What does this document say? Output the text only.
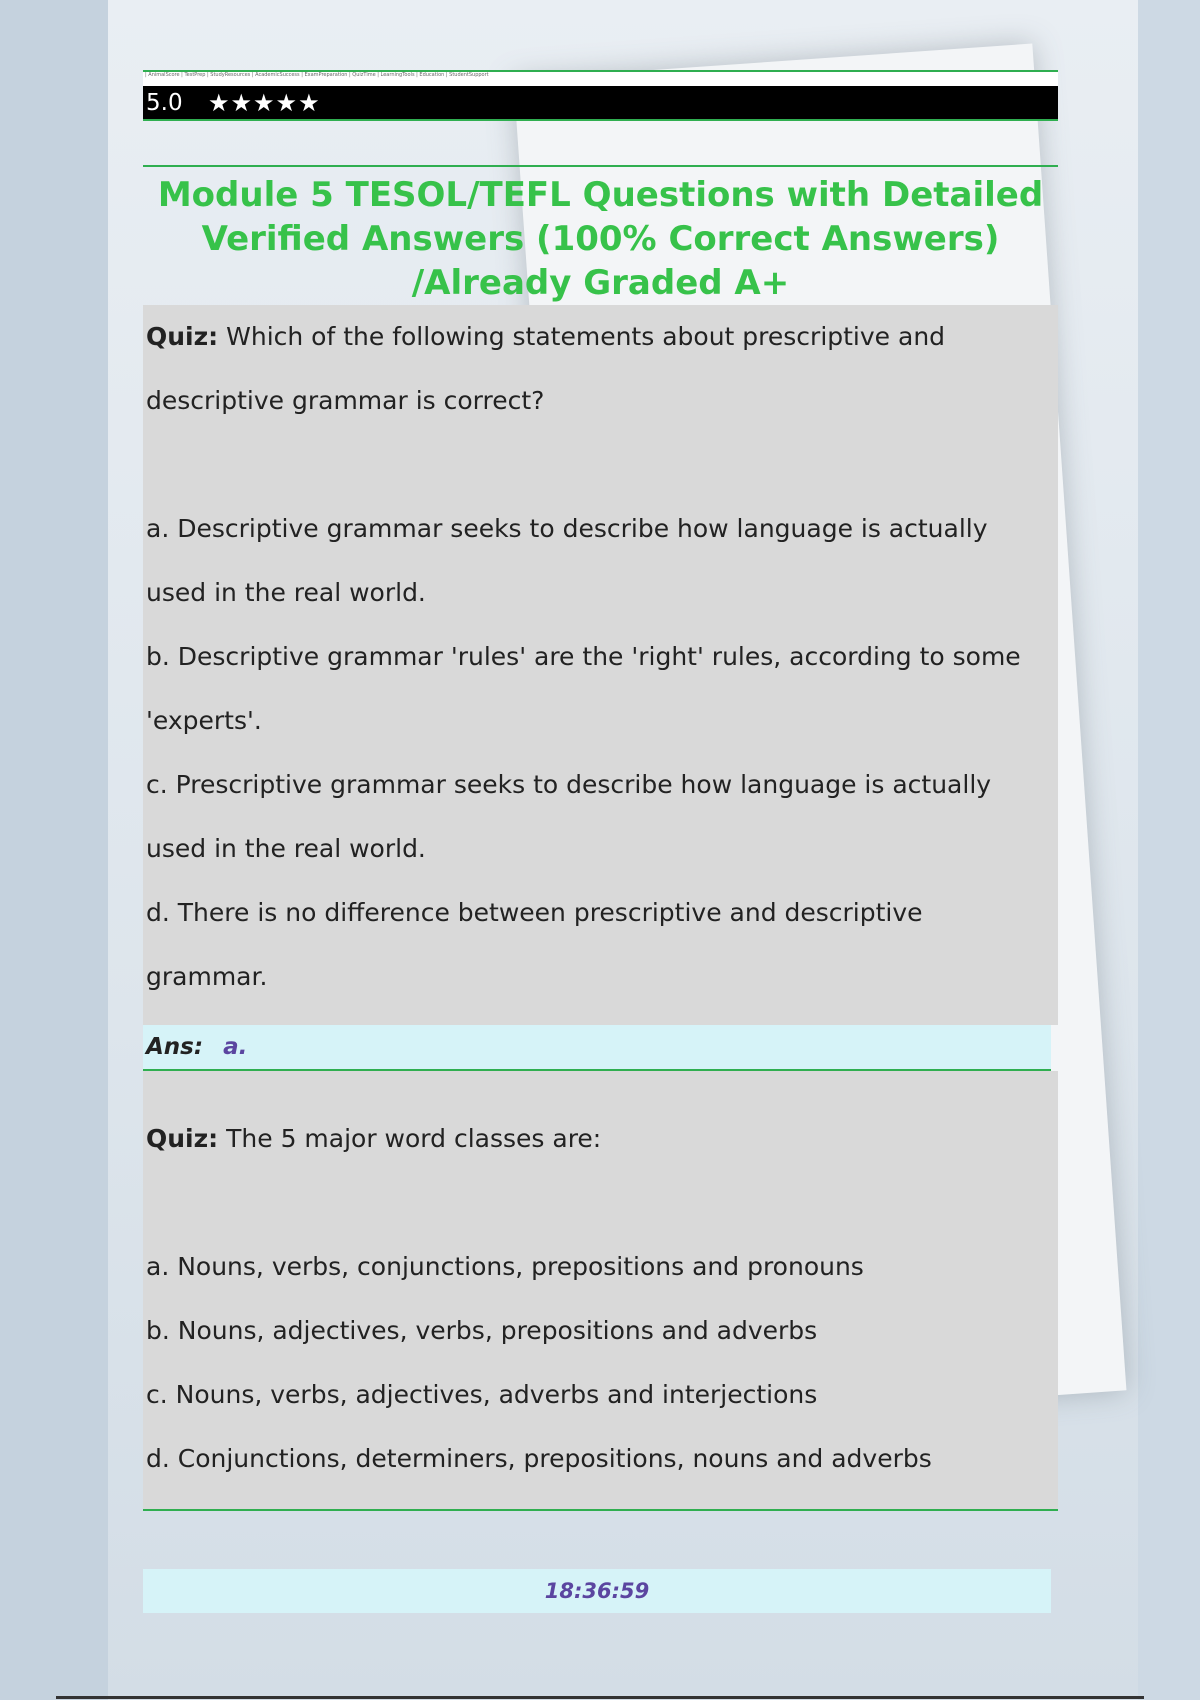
| AnimalScore | TestPrep | StudyResources | AcademicSuccess | ExamPreparation | QuizTime | LearningTools | Education | StudentSupport
5.0	★★★★★
Module 5 TESOL/TEFL Questions with Detailed Verified Answers (100% Correct Answers) /Already Graded A+
Quiz: Which of the following statements about prescriptive and
descriptive grammar is correct?
a. Descriptive grammar seeks to describe how language is actually
used in the real world.
b. Descriptive grammar 'rules' are the 'right' rules, according to some
'experts'.
c. Prescriptive grammar seeks to describe how language is actually
used in the real world.
d. There is no difference between prescriptive and descriptive
grammar.
Ans: a.
Quiz: The 5 major word classes are:
a. Nouns, verbs, conjunctions, prepositions and pronouns
b. Nouns, adjectives, verbs, prepositions and adverbs
c. Nouns, verbs, adjectives, adverbs and interjections
d. Conjunctions, determiners, prepositions, nouns and adverbs
18:36:59
